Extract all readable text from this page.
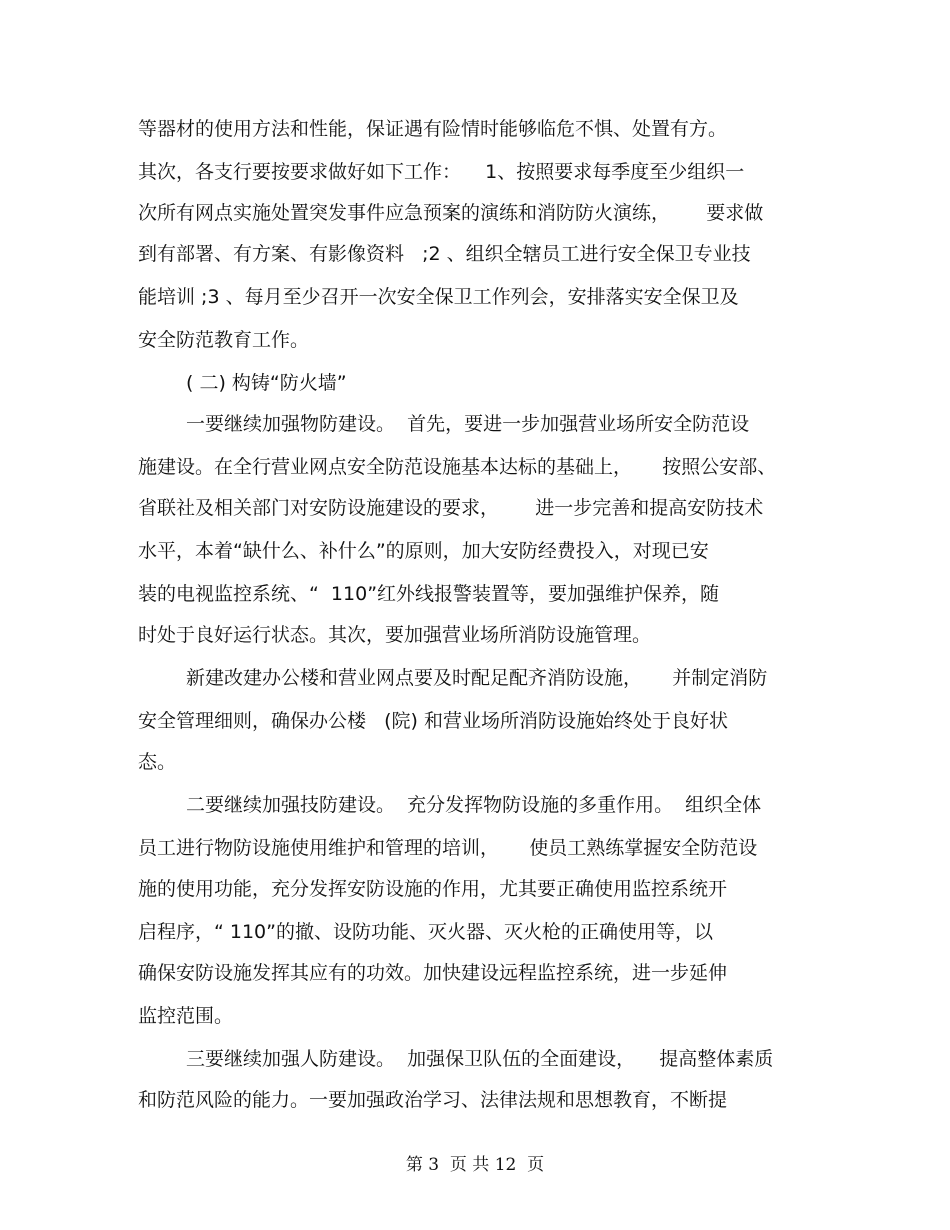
等器材的使用方法和性能，保证遇有险情时能够临危不惧、处置有方。
其次，各支行要按要求做好如下工作：    1、按照要求每季度至少组织一
次所有网点实施处置突发事件应急预案的演练和消防防火演练，      要求做
到有部署、有方案、有影像资料   ;2 、组织全辖员工进行安全保卫专业技
能培训 ;3 、每月至少召开一次安全保卫工作列会，安排落实安全保卫及
安全防范教育工作。
( 二) 构铸“防火墙”
一要继续加强物防建设。  首先，要进一步加强营业场所安全防范设
施建设。在全行营业网点安全防范设施基本达标的基础上，     按照公安部、
省联社及相关部门对安防设施建设的要求，      进一步完善和提高安防技术
水平，本着“缺什么、补什么”的原则，加大安防经费投入，对现已安
装的电视监控系统、“  110”红外线报警装置等，要加强维护保养，随
时处于良好运行状态。其次，要加强营业场所消防设施管理。
新建改建办公楼和营业网点要及时配足配齐消防设施，     并制定消防
安全管理细则，确保办公楼   (院) 和营业场所消防设施始终处于良好状
态。
二要继续加强技防建设。  充分发挥物防设施的多重作用。  组织全体
员工进行物防设施使用维护和管理的培训，     使员工熟练掌握安全防范设
施的使用功能，充分发挥安防设施的作用，尤其要正确使用监控系统开
启程序，“ 110”的撤、设防功能、灭火器、灭火枪的正确使用等，以
确保安防设施发挥其应有的功效。加快建设远程监控系统，进一步延伸
监控范围。
三要继续加强人防建设。  加强保卫队伍的全面建设，    提高整体素质
和防范风险的能力。一要加强政治学习、法律法规和思想教育，不断提
第 3  页 共 12  页
